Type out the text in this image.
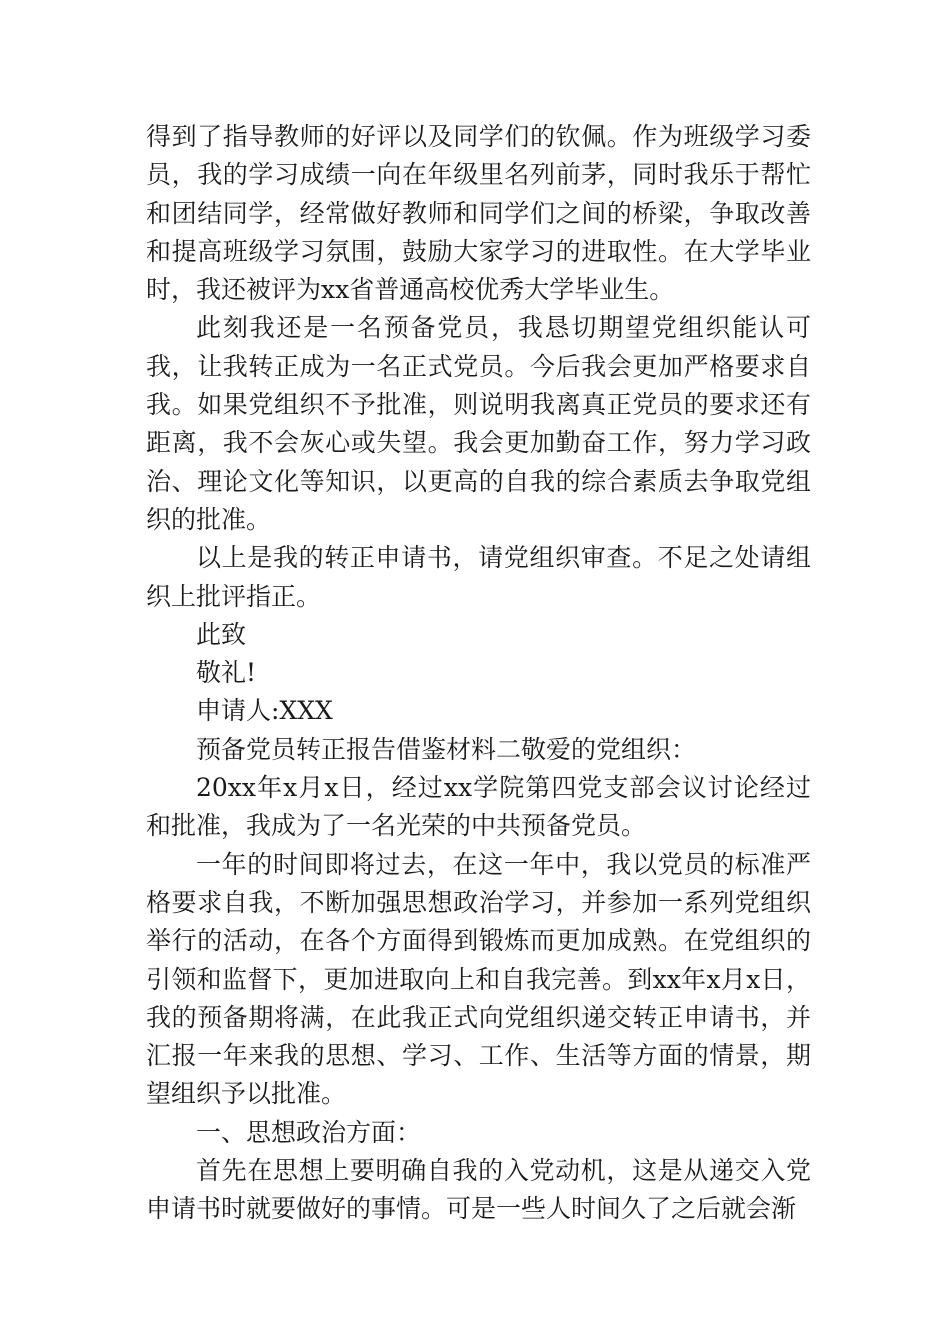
得到了指导教师的好评以及同学们的钦佩。作为班级学习委员，我的学习成绩一向在年级里名列前茅，同时我乐于帮忙和团结同学，经常做好教师和同学们之间的桥梁，争取改善和提高班级学习氛围，鼓励大家学习的进取性。在大学毕业时，我还被评为xx省普通高校优秀大学毕业生。

此刻我还是一名预备党员，我恳切期望党组织能认可我，让我转正成为一名正式党员。今后我会更加严格要求自我。如果党组织不予批准，则说明我离真正党员的要求还有距离，我不会灰心或失望。我会更加勤奋工作，努力学习政治、理论文化等知识，以更高的自我的综合素质去争取党组织的批准。

以上是我的转正申请书，请党组织审查。不足之处请组织上批评指正。

此致

敬礼!

申请人:XXX

预备党员转正报告借鉴材料二敬爱的党组织：

20xx年x月x日，经过xx学院第四党支部会议讨论经过和批准，我成为了一名光荣的中共预备党员。

一年的时间即将过去，在这一年中，我以党员的标准严格要求自我，不断加强思想政治学习，并参加一系列党组织举行的活动，在各个方面得到锻炼而更加成熟。在党组织的引领和监督下，更加进取向上和自我完善。到xx年x月x日，我的预备期将满，在此我正式向党组织递交转正申请书，并汇报一年来我的思想、学习、工作、生活等方面的情景，期望组织予以批准。

一、思想政治方面：

首先在思想上要明确自我的入党动机，这是从递交入党申请书时就要做好的事情。可是一些人时间久了之后就会渐
